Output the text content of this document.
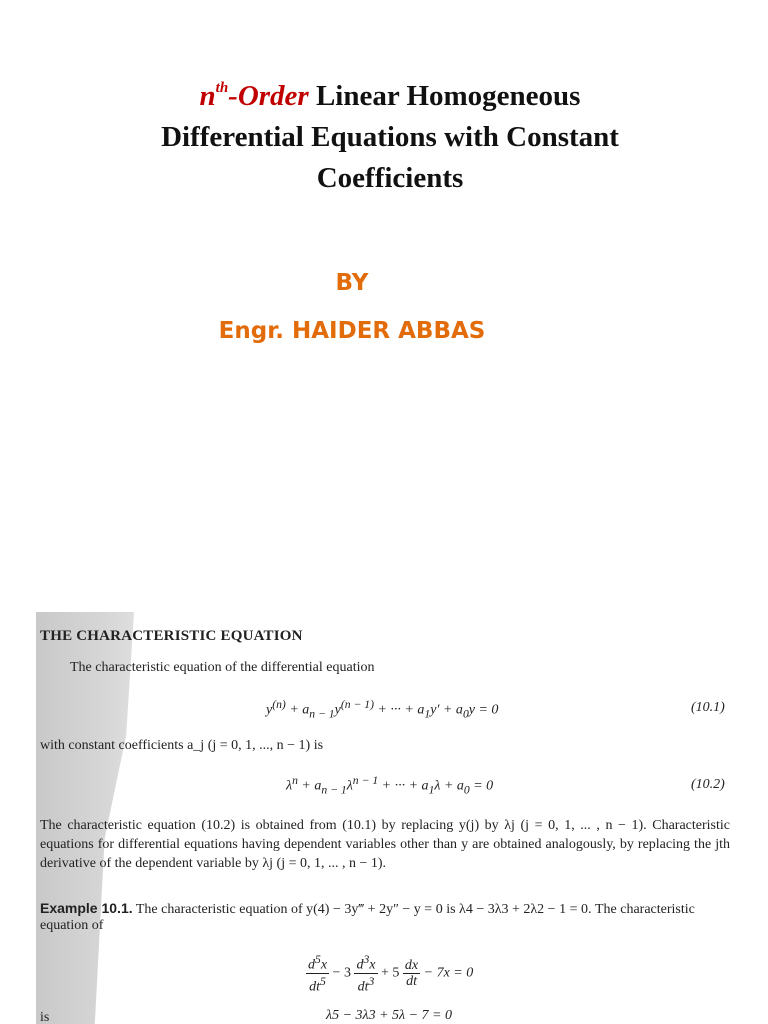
$n^{th}$-Order Linear Homogeneous
Differential Equations with Constant
Coefficients
BY
Engr. HAIDER ABBAS
THE CHARACTERISTIC EQUATION
The characteristic equation of the differential equation
$y^{(n)} + a_{n - 1}y^{(n - 1)}$ + ··· + $a_1y' + a_0y = 0$	(10.1)
with constant coefficients a_j (j = 0, 1, ..., n − 1) is
$\lambda^n + a_{n - 1}\lambda^{n - 1}$ + ··· + $a_1\lambda + a_0 = 0$	(10.2)
The characteristic equation (10.2) is obtained from (10.1) by replacing y(j) by λj (j = 0, 1, ... , n − 1). Characteristic equations for differential equations having dependent variables other than y are obtained analogously, by replacing the jth derivative of the dependent variable by λj (j = 0, 1, ... , n − 1).
Example 10.1. The characteristic equation of y(4) − 3y‴ + 2y″ − y = 0 is λ4 − 3λ3 + 2λ2 − 1 = 0. The characteristic
equation of
$\frac{d^5x}{dt^5} - 3 \frac{d^3x}{dt^3} + 5 \frac{dx}{dt} - 7x = 0$
is	λ5 − 3λ3 + 5λ − 7 = 0
